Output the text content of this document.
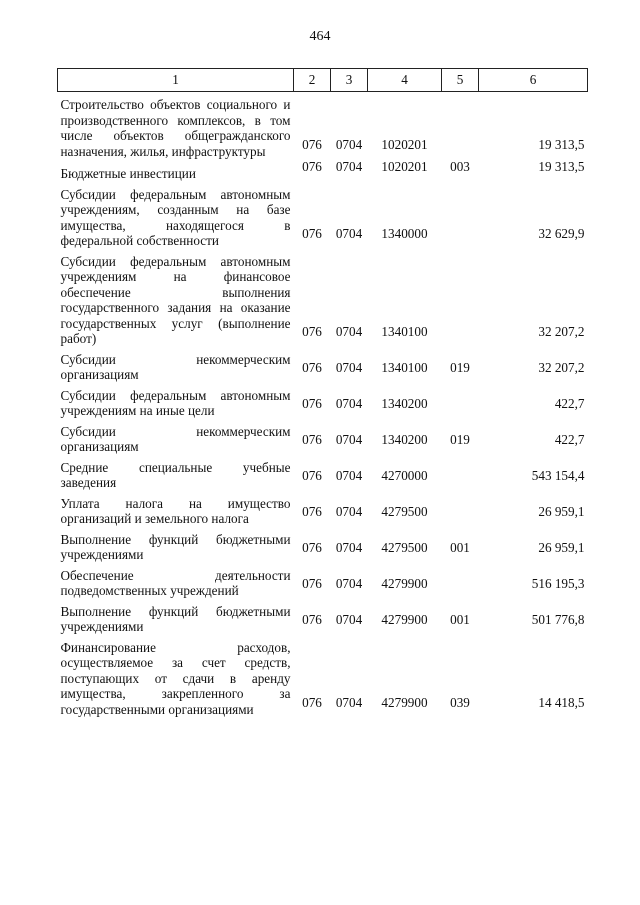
464
1	2	3	4	5	6
Строительство объектов социального и производственного комплексов, в том числе объектов общегражданского назначения, жилья, инфраструктуры	076	0704	1020201		19 313,5
Бюджетные инвестиции	076	0704	1020201	003	19 313,5
Субсидии федеральным автономным учреждениям, созданным на базе имущества, находящегося в федеральной собственности	076	0704	1340000		32 629,9
Субсидии федеральным автономным учреждениям на финансовое обеспечение выполнения государственного задания на оказание государственных услуг (выполнение работ)	076	0704	1340100		32 207,2
Субсидии некоммерческим организациям	076	0704	1340100	019	32 207,2
Субсидии федеральным автономным учреждениям на иные цели	076	0704	1340200		422,7
Субсидии некоммерческим организациям	076	0704	1340200	019	422,7
Средние специальные учебные заведения	076	0704	4270000		543 154,4
Уплата налога на имущество организаций и земельного налога	076	0704	4279500		26 959,1
Выполнение функций бюджетными учреждениями	076	0704	4279500	001	26 959,1
Обеспечение деятельности подведомственных учреждений	076	0704	4279900		516 195,3
Выполнение функций бюджетными учреждениями	076	0704	4279900	001	501 776,8
Финансирование расходов, осуществляемое за счет средств, поступающих от сдачи в аренду имущества, закрепленного за государственными организациями	076	0704	4279900	039	14 418,5
